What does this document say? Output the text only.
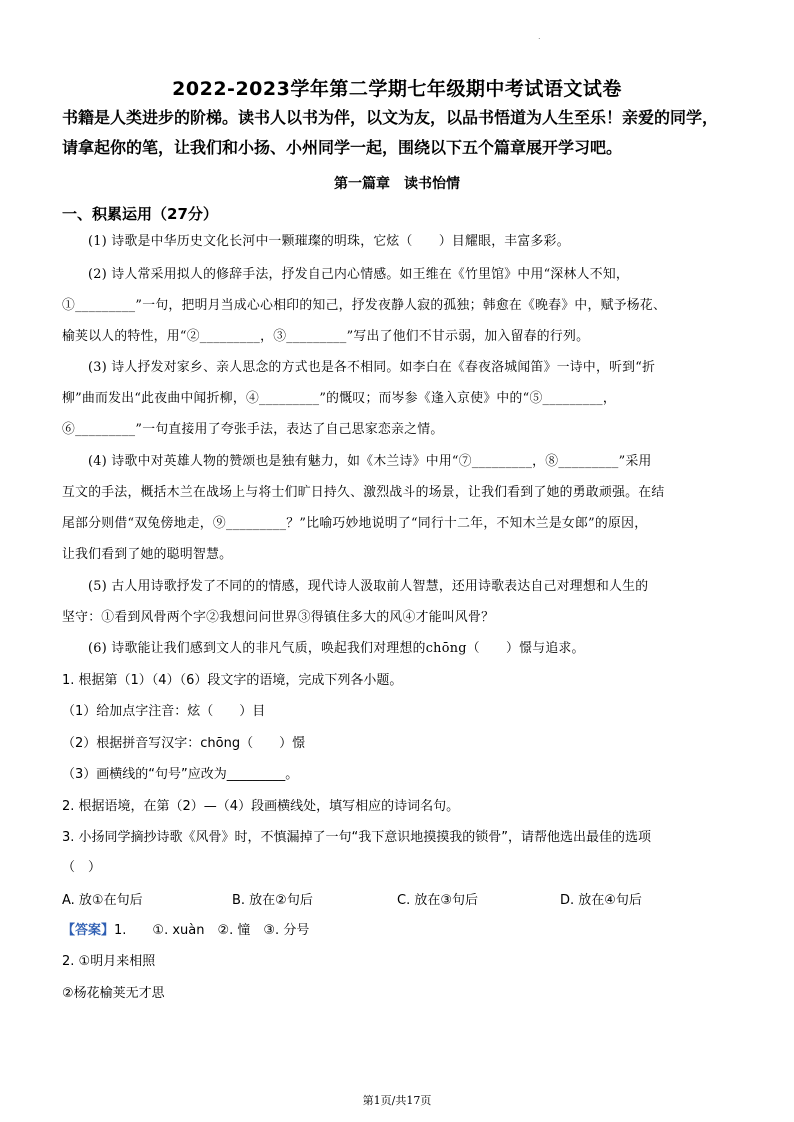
.
2022-2023学年第二学期七年级期中考试语文试卷
书籍是人类进步的阶梯。读书人以书为伴，以文为友，以品书悟道为人生至乐！亲爱的同学，
请拿起你的笔，让我们和小扬、小州同学一起，围绕以下五个篇章展开学习吧。
第一篇章　读书怡情
一、积累运用（27分）
(1) 诗歌是中华历史文化长河中一颗璀璨的明珠，它炫（　　）目耀眼，丰富多彩。
(2) 诗人常采用拟人的修辞手法，抒发自己内心情感。如王维在《竹里馆》中用“深林人不知，
①_________”一句，把明月当成心心相印的知己，抒发夜静人寂的孤独；韩愈在《晚春》中，赋予杨花、
榆荚以人的特性，用“②_________，③_________”写出了他们不甘示弱，加入留春的行列。
(3) 诗人抒发对家乡、亲人思念的方式也是各不相同。如李白在《春夜洛城闻笛》一诗中，听到“折
柳”曲而发出“此夜曲中闻折柳，④_________”的慨叹；而岑参《逢入京使》中的“⑤_________，
⑥_________”一句直接用了夸张手法，表达了自己思家恋亲之情。
(4) 诗歌中对英雄人物的赞颂也是独有魅力，如《木兰诗》中用“⑦_________，⑧_________”采用
互文的手法，概括木兰在战场上与将士们旷日持久、激烈战斗的场景，让我们看到了她的勇敢顽强。在结
尾部分则借“双兔傍地走，⑨_________？”比喻巧妙地说明了“同行十二年，不知木兰是女郎”的原因，
让我们看到了她的聪明智慧。
(5) 古人用诗歌抒发了不同的的情感，现代诗人汲取前人智慧，还用诗歌表达自己对理想和人生的
坚守：①看到风骨两个字②我想问问世界③得镇住多大的风④才能叫风骨？
(6) 诗歌能让我们感到文人的非凡气质，唤起我们对理想的chōng（　　）憬与追求。
1. 根据第（1）（4）（6）段文字的语境，完成下列各小题。
（1）给加点字注音：炫（　　）目
（2）根据拼音写汉字：chōng（　　）憬
（3）画横线的“句号”应改为_________。
2. 根据语境，在第（2）—（4）段画横线处，填写相应的诗词名句。
3. 小扬同学摘抄诗歌《风骨》时，不慎漏掉了一句“我下意识地摸摸我的锁骨”，请帮他选出最佳的选项
（　）
A. 放①在句后	B. 放在②句后	C. 放在③句后	D. 放在④句后
【答案】1.　　①. xuàn　②. 憧　③. 分号
2. ①明月来相照
②杨花榆荚无才思
第1页/共17页
